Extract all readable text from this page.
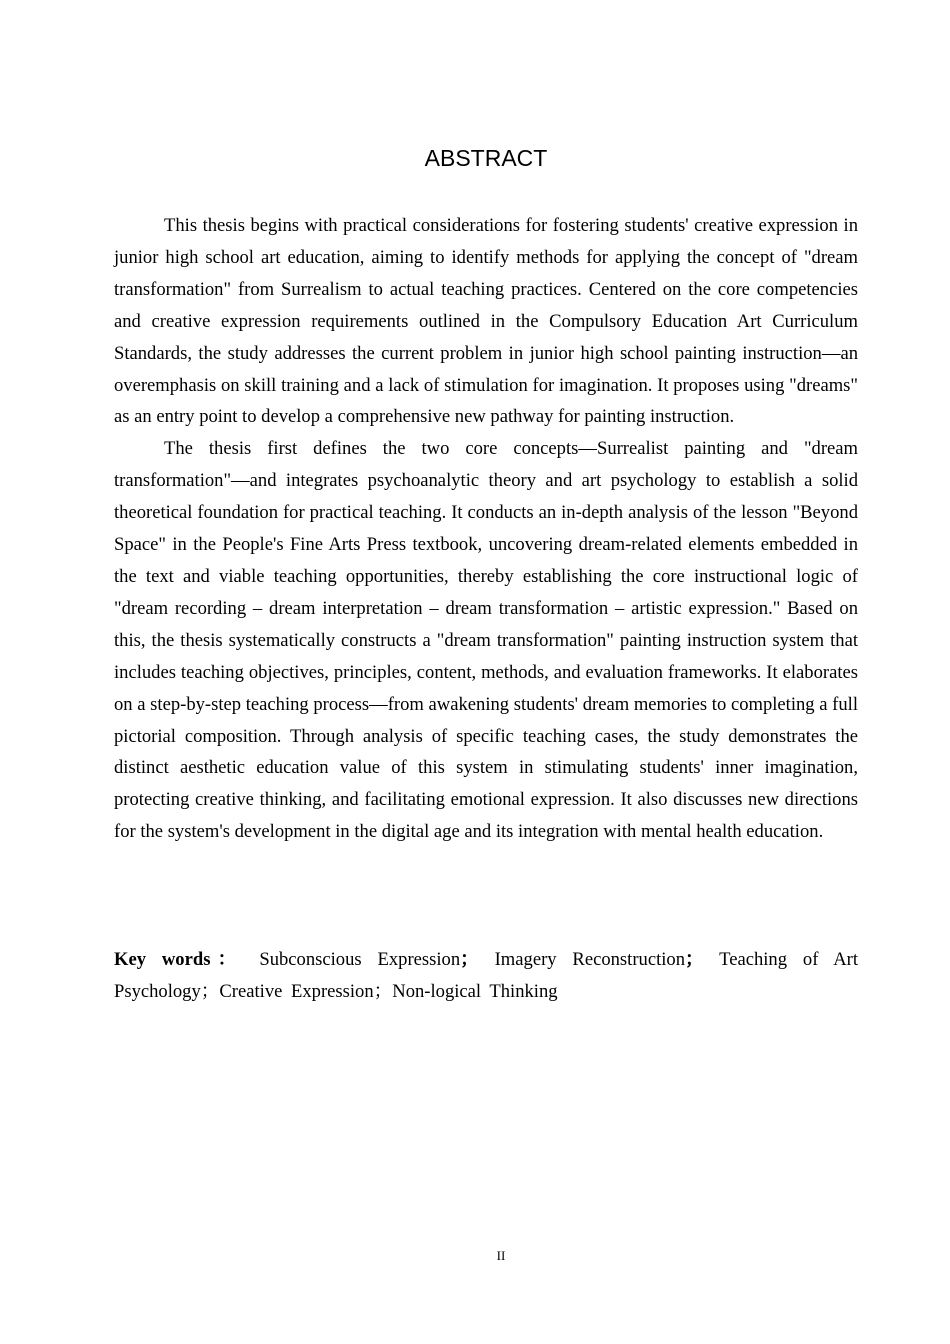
ABSTRACT

This thesis begins with practical considerations for fostering students' creative expression in junior high school art education, aiming to identify methods for applying the concept of "dream transformation" from Surrealism to actual teaching practices. Centered on the core competencies and creative expression requirements outlined in the Compulsory Education Art Curriculum Standards, the study addresses the current problem in junior high school painting instruction—an overemphasis on skill training and a lack of stimulation for imagination. It proposes using "dreams" as an entry point to develop a comprehensive new pathway for painting instruction.

The thesis first defines the two core concepts—Surrealist painting and "dream transformation"—and integrates psychoanalytic theory and art psychology to establish a solid theoretical foundation for practical teaching. It conducts an in-depth analysis of the lesson "Beyond Space" in the People's Fine Arts Press textbook, uncovering dream-related elements embedded in the text and viable teaching opportunities, thereby establishing the core instructional logic of "dream recording – dream interpretation – dream transformation – artistic expression." Based on this, the thesis systematically constructs a "dream transformation" painting instruction system that includes teaching objectives, principles, content, methods, and evaluation frameworks. It elaborates on a step-by-step teaching process—from awakening students' dream memories to completing a full pictorial composition. Through analysis of specific teaching cases, the study demonstrates the distinct aesthetic education value of this system in stimulating students' inner imagination, protecting creative thinking, and facilitating emotional expression. It also discusses new directions for the system's development in the digital age and its integration with mental health education.

Key words： Subconscious Expression； Imagery Reconstruction； Teaching of Art Psychology；Creative Expression；Non-logical Thinking
II
